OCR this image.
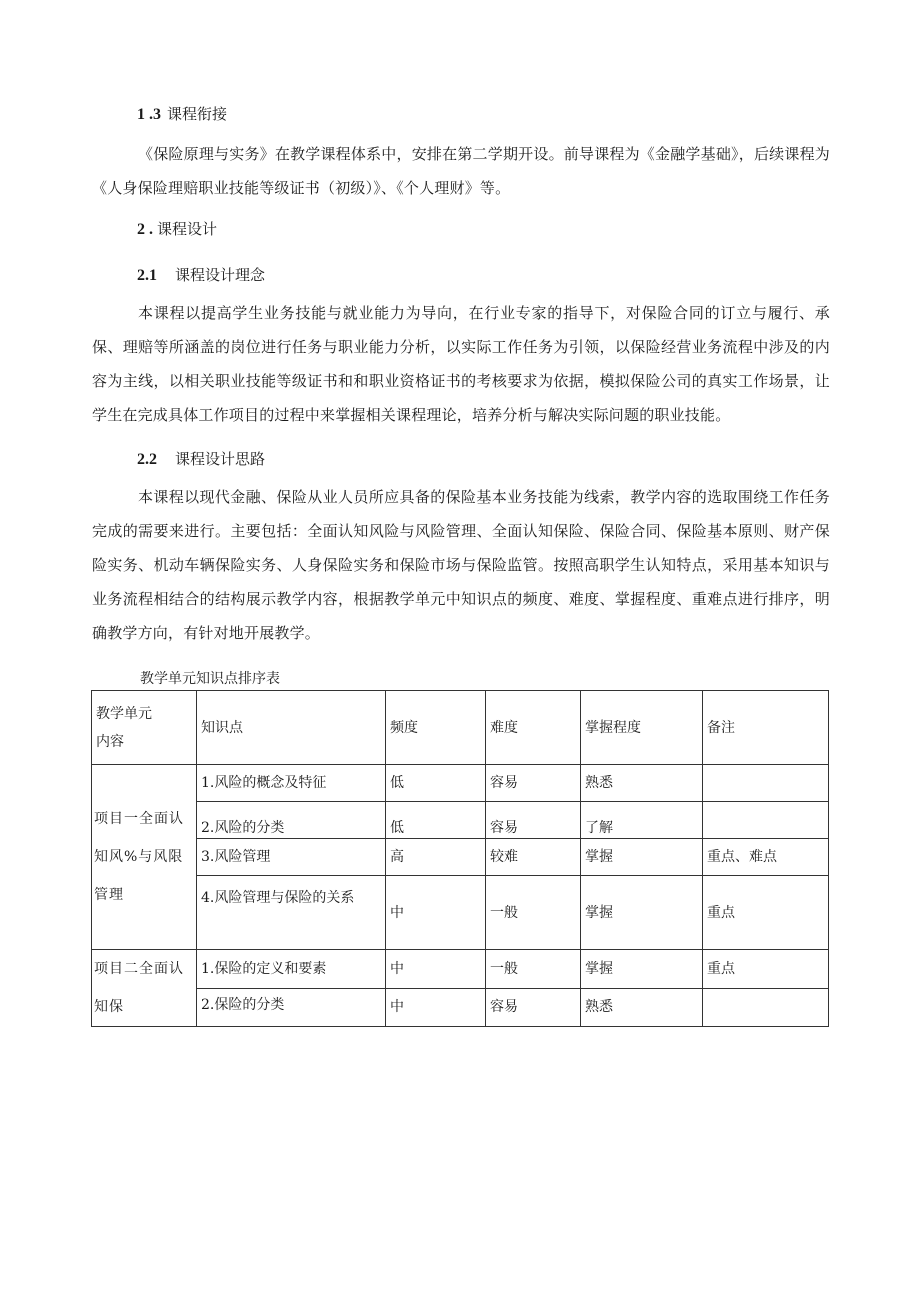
1 .3 课程衔接
《保险原理与实务》在教学课程体系中，安排在第二学期开设。前导课程为《金融学基础》，后续课程为《人身保险理赔职业技能等级证书（初级）》、《个人理财》等。
2 . 课程设计
2.1 课程设计理念
本课程以提高学生业务技能与就业能力为导向，在行业专家的指导下，对保险合同的订立与履行、承保、理赔等所涵盖的岗位进行任务与职业能力分析，以实际工作任务为引领，以保险经营业务流程中涉及的内容为主线，以相关职业技能等级证书和和职业资格证书的考核要求为依据，模拟保险公司的真实工作场景，让学生在完成具体工作项目的过程中来掌握相关课程理论，培养分析与解决实际问题的职业技能。
2.2 课程设计思路
本课程以现代金融、保险从业人员所应具备的保险基本业务技能为线索，教学内容的选取围绕工作任务完成的需要来进行。主要包括：全面认知风险与风险管理、全面认知保险、保险合同、保险基本原则、财产保险实务、机动车辆保险实务、人身保险实务和保险市场与保险监管。按照高职学生认知特点，采用基本知识与业务流程相结合的结构展示教学内容，根据教学单元中知识点的频度、难度、掌握程度、重难点进行排序，明确教学方向，有针对地开展教学。
教学单元知识点排序表
教学单元
内容	知识点	频度	难度	掌握程度	备注
项目一全面认知风%与风限管理	1.风险的概念及特征	低	容易	熟悉	
	2.风险的分类	低	容易	了解	
	3.风险管理	高	较难	掌握	重点、难点
	4.风险管理与保险的关系	中	一般	掌握	重点
项目二全面认知保	1.保险的定义和要素	中	一般	掌握	重点
	2.保险的分类	中	容易	熟悉	
